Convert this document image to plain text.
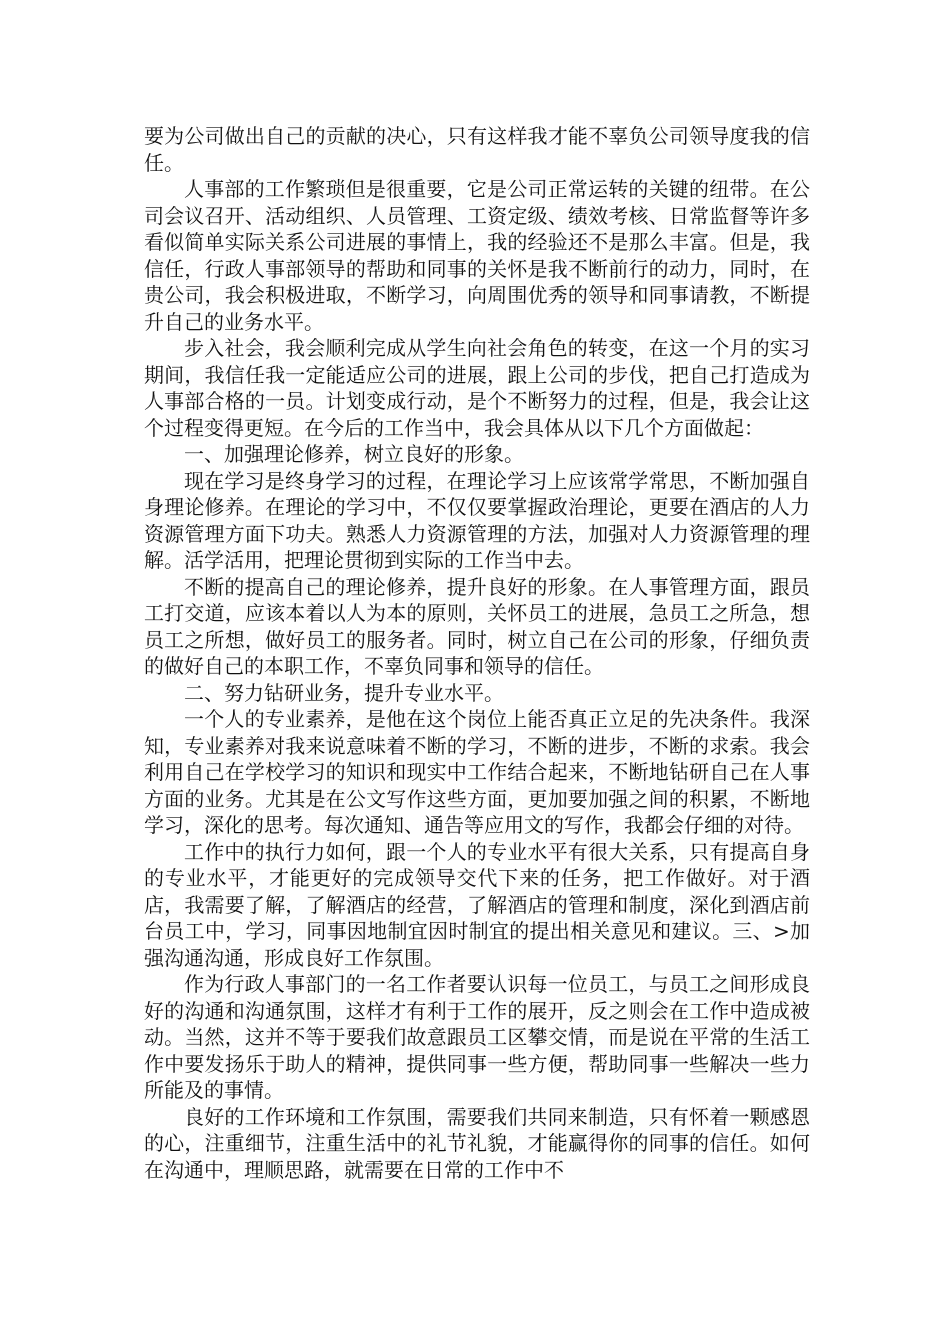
要为公司做出自己的贡献的决心，只有这样我才能不辜负公司领导度我的信任。

人事部的工作繁琐但是很重要，它是公司正常运转的关键的纽带。在公司会议召开、活动组织、人员管理、工资定级、绩效考核、日常监督等许多看似简单实际关系公司进展的事情上，我的经验还不是那么丰富。但是，我信任，行政人事部领导的帮助和同事的关怀是我不断前行的动力，同时，在贵公司，我会积极进取，不断学习，向周围优秀的领导和同事请教，不断提升自己的业务水平。

步入社会，我会顺利完成从学生向社会角色的转变，在这一个月的实习期间，我信任我一定能适应公司的进展，跟上公司的步伐，把自己打造成为人事部合格的一员。计划变成行动，是个不断努力的过程，但是，我会让这个过程变得更短。在今后的工作当中，我会具体从以下几个方面做起：

一、加强理论修养，树立良好的形象。

现在学习是终身学习的过程，在理论学习上应该常学常思，不断加强自身理论修养。在理论的学习中，不仅仅要掌握政治理论，更要在酒店的人力资源管理方面下功夫。熟悉人力资源管理的方法，加强对人力资源管理的理解。活学活用，把理论贯彻到实际的工作当中去。

不断的提高自己的理论修养，提升良好的形象。在人事管理方面，跟员工打交道，应该本着以人为本的原则，关怀员工的进展，急员工之所急，想员工之所想，做好员工的服务者。同时，树立自己在公司的形象，仔细负责的做好自己的本职工作，不辜负同事和领导的信任。

二、努力钻研业务，提升专业水平。

一个人的专业素养，是他在这个岗位上能否真正立足的先决条件。我深知，专业素养对我来说意味着不断的学习，不断的进步，不断的求索。我会利用自己在学校学习的知识和现实中工作结合起来，不断地钻研自己在人事方面的业务。尤其是在公文写作这些方面，更加要加强之间的积累，不断地学习，深化的思考。每次通知、通告等应用文的写作，我都会仔细的对待。

工作中的执行力如何，跟一个人的专业水平有很大关系，只有提高自身的专业水平，才能更好的完成领导交代下来的任务，把工作做好。对于酒店，我需要了解，了解酒店的经营，了解酒店的管理和制度，深化到酒店前台员工中，学习，同事因地制宜因时制宜的提出相关意见和建议。三、>加强沟通沟通，形成良好工作氛围。

作为行政人事部门的一名工作者要认识每一位员工，与员工之间形成良好的沟通和沟通氛围，这样才有利于工作的展开，反之则会在工作中造成被动。当然，这并不等于要我们故意跟员工区攀交情，而是说在平常的生活工作中要发扬乐于助人的精神，提供同事一些方便，帮助同事一些解决一些力所能及的事情。

良好的工作环境和工作氛围，需要我们共同来制造，只有怀着一颗感恩的心，注重细节，注重生活中的礼节礼貌，才能赢得你的同事的信任。如何在沟通中，理顺思路，就需要在日常的工作中不
